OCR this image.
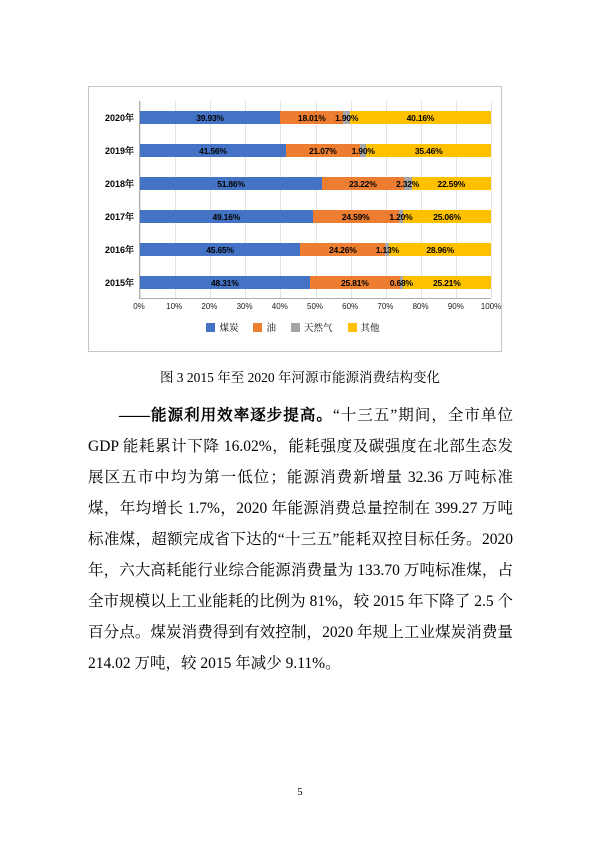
2020年	39.93%	18.01% 1.90%	40.16%
2019年	41.56%	21.07% 1.90%	35.46%
2018年	51.86%	23.22% 2.32% 22.59%
2017年	49.16%	24.59% 1.20% 25.06%
2016年	45.65%	24.26% 1.13%	28.96%
2015年	48.31%	25.81% 0.68% 25.21%
0%	10% 20% 30% 40% 50% 60% 70% 80% 90% 100%
煤炭	油	天然气	其他
图 3 2015 年至 2020 年河源市能源消费结构变化

——能源利用效率逐步提高。“十三五”期间，全市单位 GDP 能耗累计下降 16.02%，能耗强度及碳强度在北部生态发展区五市中均为第一低位；能源消费新增量 32.36 万吨标准煤，年均增长 1.7%，2020 年能源消费总量控制在 399.27 万吨标准煤，超额完成省下达的“十三五”能耗双控目标任务。2020 年，六大高耗能行业综合能源消费量为 133.70 万吨标准煤，占全市规模以上工业能耗的比例为 81%，较 2015 年下降了 2.5 个百分点。煤炭消费得到有效控制，2020 年规上工业煤炭消费量 214.02 万吨，较 2015 年减少 9.11%。

5
